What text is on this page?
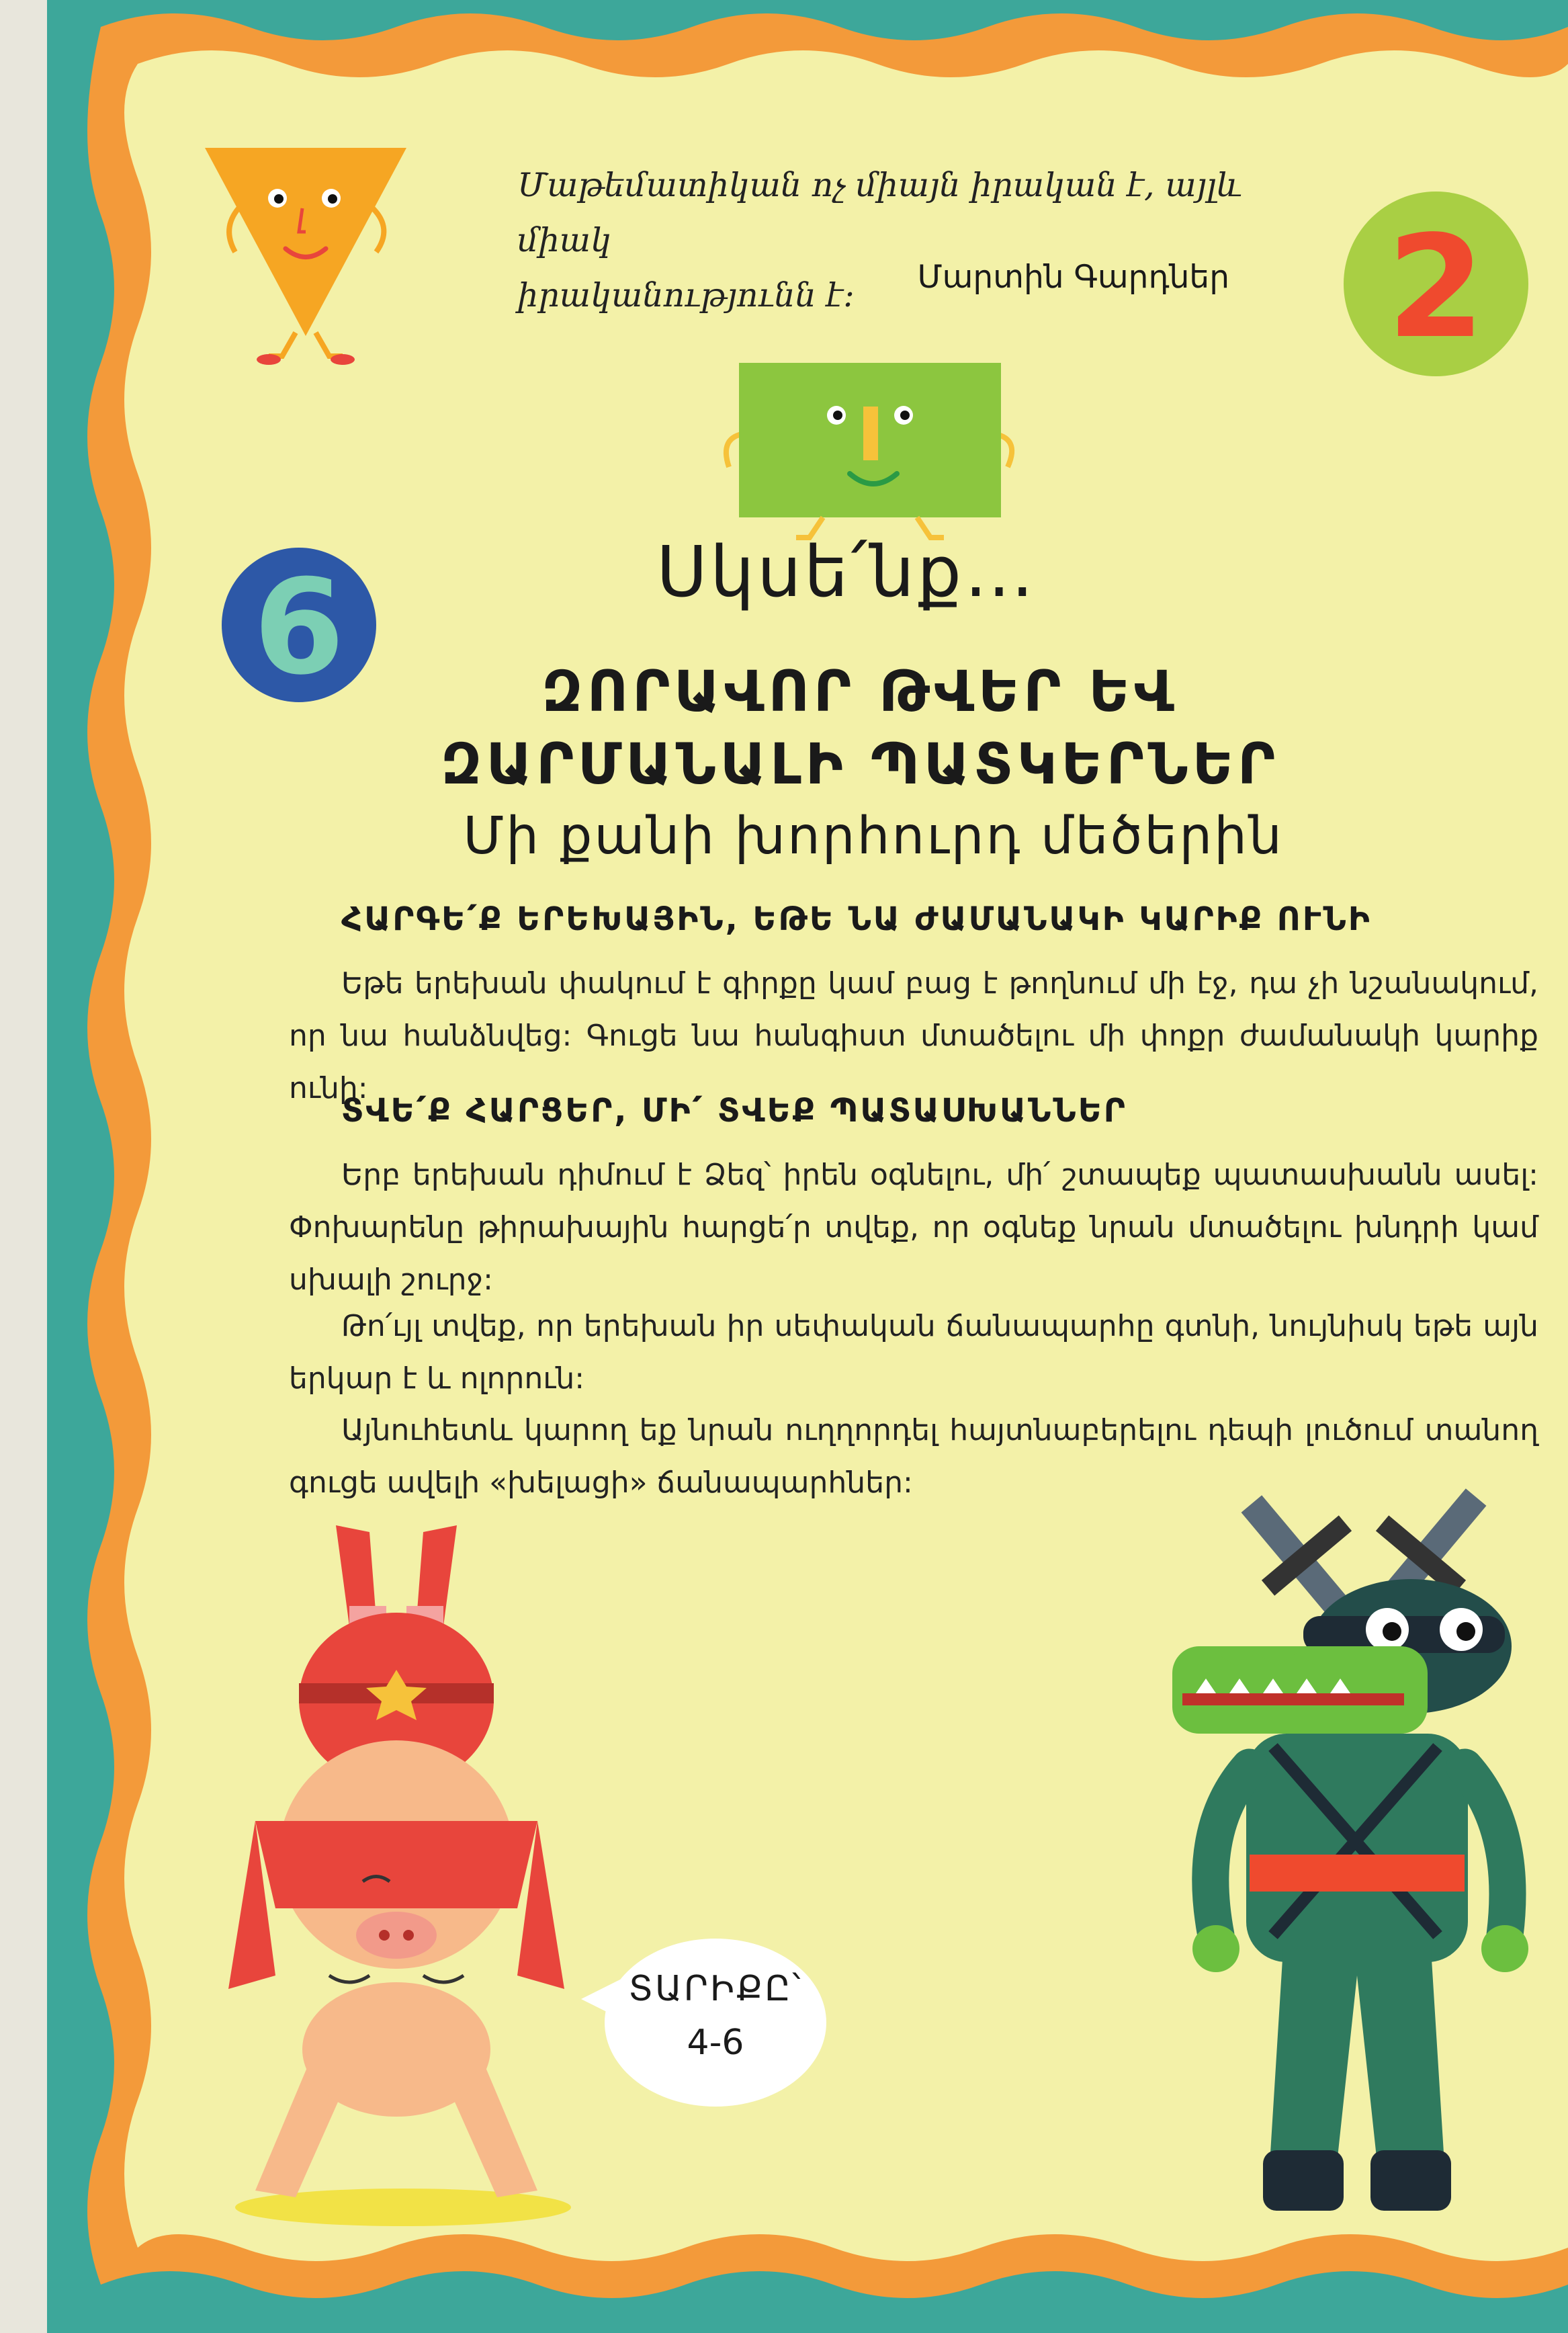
Մաթեմատիկան ոչ միայն իրական է, այլև միակ
իրականությունն է:	Մարտին Գարդներ	2
6	Սկսե՛նք…
ԶՈՐԱՎՈՐ ԹՎԵՐ ԵՎ
ԶԱՐՄԱՆԱԼԻ ՊԱՏԿԵՐՆԵՐ
Մի քանի խորհուրդ մեծերին
ՀԱՐԳԵ՛Ք ԵՐԵԽԱՅԻՆ, ԵԹԵ ՆԱ ԺԱՄԱՆԱԿԻ ԿԱՐԻՔ ՈՒՆԻ
Եթե երեխան փակում է գիրքը կամ բաց է թողնում մի էջ, դա չի նշանակում, որ նա հանձնվեց: Գուցե նա հանգիստ մտածելու մի փոքր ժամանակի կարիք ունի:
ՏՎԵ՛Ք ՀԱՐՑԵՐ, ՄԻ՛ ՏՎԵՔ ՊԱՏԱՍԽԱՆՆԵՐ
Երբ երեխան դիմում է Ձեզ՝ իրեն օգնելու, մի՛ շտապեք պատասխանն ասել: Փոխարենը թիրախային հարցե՛ր տվեք, որ օգնեք նրան մտածելու խնդրի կամ սխալի շուրջ:
Թո՛ւյլ տվեք, որ երեխան իր սեփական ճանապարհը գտնի, նույնիսկ եթե այն երկար է և ոլորուն:
Այնուհետև կարող եք նրան ուղղորդել հայտնաբերելու դեպի լուծում տանող գուցե ավելի «խելացի» ճանապարհներ:
ՏԱՐԻՔԸ՝
4-6
